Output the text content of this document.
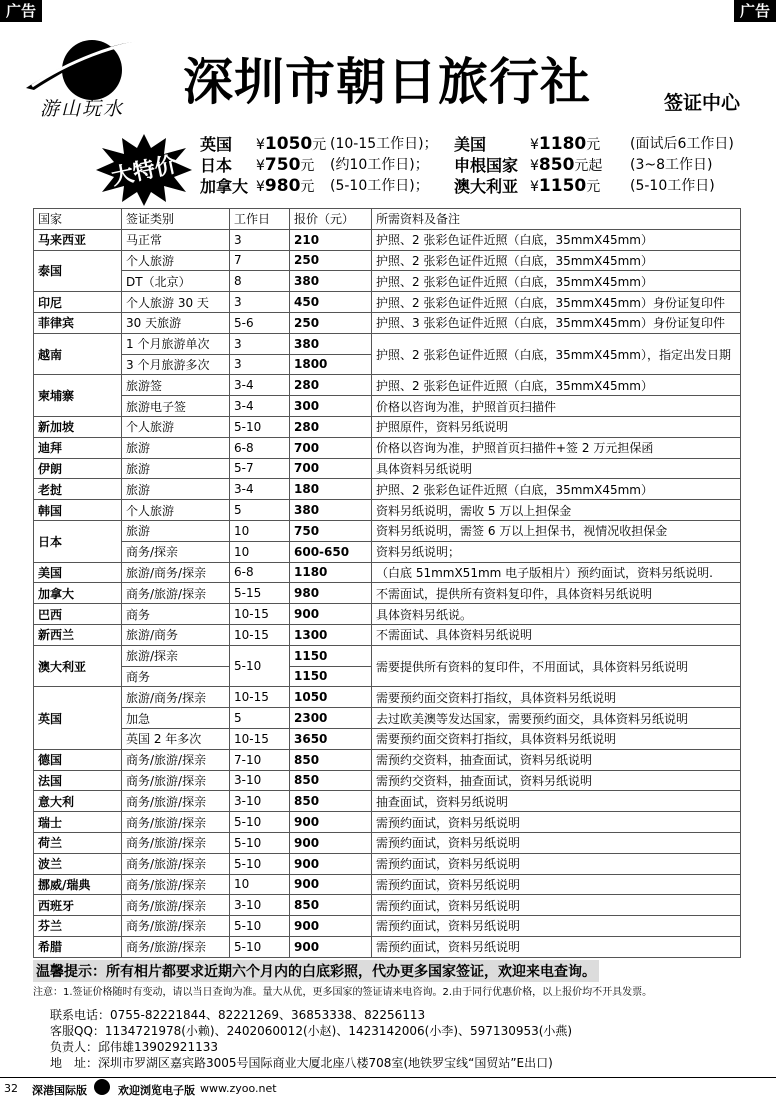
广告	广告
游山玩水 深圳市朝日旅行社	签证中心
大特价
英国 ¥1050元 (10-15工作日)； 美国	¥1180元 (面试后6工作日)
日本 ¥750元 (约10工作日)； 申根国家 ¥850元起 (3~8工作日)
加拿大 ¥980元 (5-10工作日)； 澳大利亚 ¥1150元 (5-10工作日)
国家	签证类别	工作日	报价（元）	所需资料及备注
马来西亚	马正常	3	210	护照、2 张彩色证件近照（白底，35mmX45mm）
泰国	个人旅游	7	250	护照、2 张彩色证件近照（白底，35mmX45mm）
	DT（北京）	8	380	护照、2 张彩色证件近照（白底，35mmX45mm）
印尼	个人旅游 30 天	3	450	护照、2 张彩色证件近照（白底，35mmX45mm）身份证复印件
菲律宾	30 天旅游	5-6	250	护照、3 张彩色证件近照（白底，35mmX45mm）身份证复印件
越南	1 个月旅游单次	3	380	护照、2 张彩色证件近照（白底，35mmX45mm），指定出发日期
	3 个月旅游多次	3	1800	
柬埔寨	旅游签	3-4	280	护照、2 张彩色证件近照（白底，35mmX45mm）
	旅游电子签	3-4	300	价格以咨询为准，护照首页扫描件
新加坡	个人旅游	5-10	280	护照原件，资料另纸说明
迪拜	旅游	6-8	700	价格以咨询为准，护照首页扫描件+签 2 万元担保函
伊朗	旅游	5-7	700	具体资料另纸说明
老挝	旅游	3-4	180	护照、2 张彩色证件近照（白底，35mmX45mm）
韩国	个人旅游	5	380	资料另纸说明，需收 5 万以上担保金
日本	旅游	10	750	资料另纸说明，需签 6 万以上担保书，视情况收担保金
	商务/探亲	10	600-650	资料另纸说明；
美国	旅游/商务/探亲	6-8	1180	（白底 51mmX51mm 电子版相片）预约面试，资料另纸说明.
加拿大	商务/旅游/探亲	5-15	980	不需面试，提供所有资料复印件，具体资料另纸说明
巴西	商务	10-15	900	具体资料另纸说。
新西兰	旅游/商务	10-15	1300	不需面试、具体资料另纸说明
澳大利亚	旅游/探亲	5-10	1150	需要提供所有资料的复印件，不用面试，具体资料另纸说明
	商务		1150	
英国	旅游/商务/探亲	10-15	1050	需要预约面交资料打指纹，具体资料另纸说明
	加急	5	2300	去过欧美澳等发达国家，需要预约面交，具体资料另纸说明
	英国 2 年多次	10-15	3650	需要预约面交资料打指纹，具体资料另纸说明
德国	商务/旅游/探亲	7-10	850	需预约交资料，抽查面试，资料另纸说明
法国	商务/旅游/探亲	3-10	850	需预约交资料，抽查面试，资料另纸说明
意大利	商务/旅游/探亲	3-10	850	抽查面试，资料另纸说明
瑞士	商务/旅游/探亲	5-10	900	需预约面试，资料另纸说明
荷兰	商务/旅游/探亲	5-10	900	需预约面试，资料另纸说明
波兰	商务/旅游/探亲	5-10	900	需预约面试，资料另纸说明
挪威/瑞典	商务/旅游/探亲	10	900	需预约面试，资料另纸说明
西班牙	商务/旅游/探亲	3-10	850	需预约面试，资料另纸说明
芬兰	商务/旅游/探亲	5-10	900	需预约面试，资料另纸说明
希腊	商务/旅游/探亲	5-10	900	需预约面试，资料另纸说明
温馨提示：所有相片都要求近期六个月内的白底彩照，代办更多国家签证，欢迎来电查询。
注意：1.签证价格随时有变动，请以当日查询为准。量大从优，更多国家的签证请来电咨询。2.由于同行优惠价格，以上报价均不开具发票。
联系电话：0755-82221844、82221269、36853338、82256113
客服QQ：1134721978(小赖)、2402060012(小赵)、1423142006(小李)、597130953(小燕)
负责人：邱伟雄13902921133
地　址：深圳市罗湖区嘉宾路3005号国际商业大厦北座八楼708室(地铁罗宝线“国贸站”E出口)
32 深港国际版	欢迎浏览电子版 www.zyoo.net
